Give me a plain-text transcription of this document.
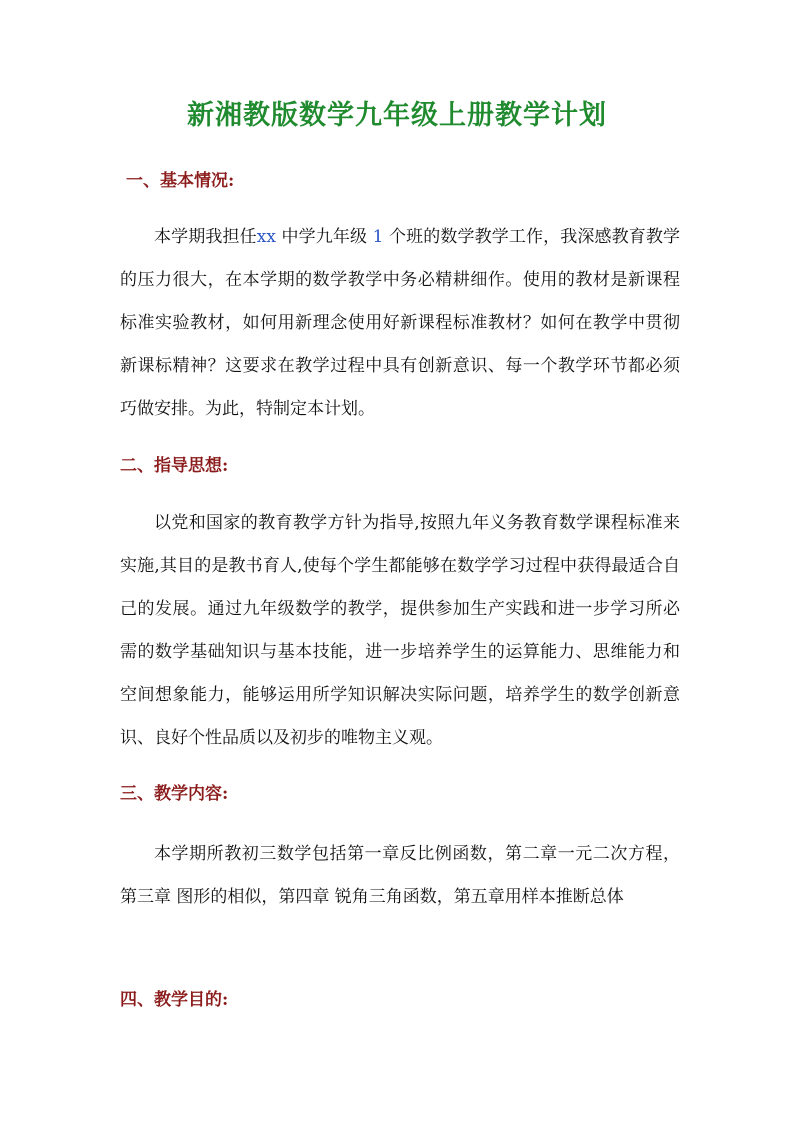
新湘教版数学九年级上册教学计划
一、基本情况:

本学期我担任xx 中学九年级 1 个班的数学教学工作，我深感教育教学的压力很大，在本学期的数学教学中务必精耕细作。使用的教材是新课程标准实验教材，如何用新理念使用好新课程标准教材？如何在教学中贯彻新课标精神？这要求在教学过程中具有创新意识、每一个教学环节都必须巧做安排。为此，特制定本计划。

二、指导思想:

以党和国家的教育教学方针为指导,按照九年义务教育数学课程标准来实施,其目的是教书育人,使每个学生都能够在数学学习过程中获得最适合自己的发展。通过九年级数学的教学，提供参加生产实践和进一步学习所必需的数学基础知识与基本技能，进一步培养学生的运算能力、思维能力和空间想象能力，能够运用所学知识解决实际问题，培养学生的数学创新意识、良好个性品质以及初步的唯物主义观。

三、教学内容:

本学期所教初三数学包括第一章反比例函数，第二章一元二次方程，第三章 图形的相似，第四章 锐角三角函数，第五章用样本推断总体

四、教学目的:
